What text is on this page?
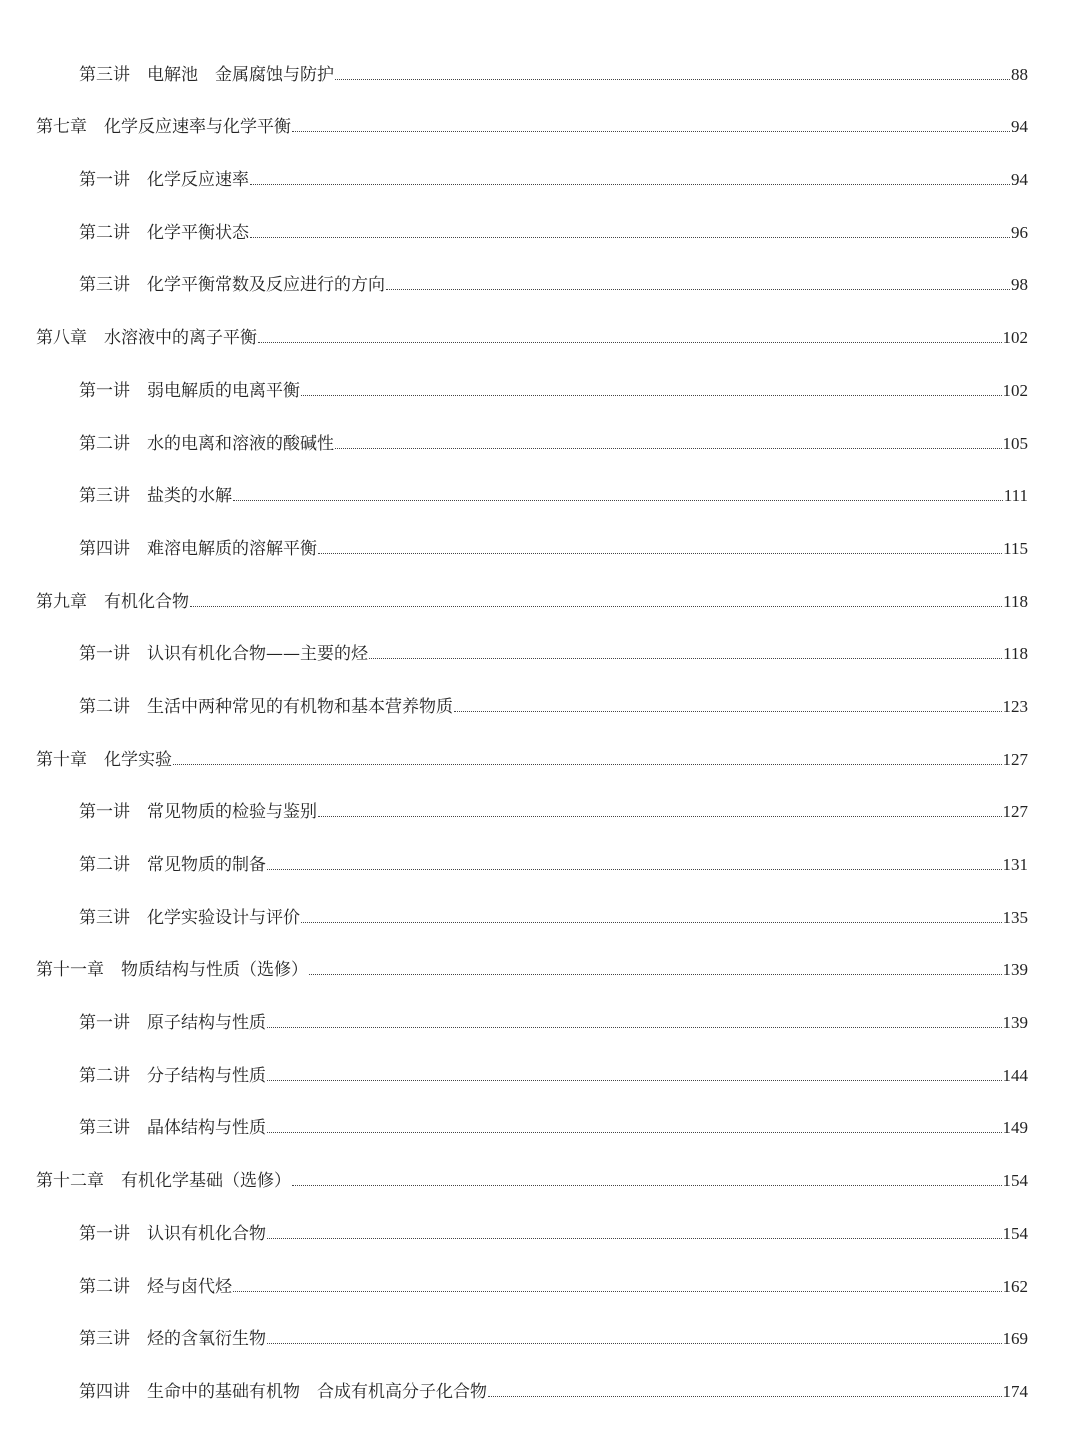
第三讲　电解池　金属腐蚀与防护	88
第七章　化学反应速率与化学平衡	94
第一讲　化学反应速率	94
第二讲　化学平衡状态	96
第三讲　化学平衡常数及反应进行的方向	98
第八章　水溶液中的离子平衡	102
第一讲　弱电解质的电离平衡	102
第二讲　水的电离和溶液的酸碱性	105
第三讲　盐类的水解	111
第四讲　难溶电解质的溶解平衡	115
第九章　有机化合物	118
第一讲　认识有机化合物——主要的烃	118
第二讲　生活中两种常见的有机物和基本营养物质	123
第十章　化学实验	127
第一讲　常见物质的检验与鉴别	127
第二讲　常见物质的制备	131
第三讲　化学实验设计与评价	135
第十一章　物质结构与性质（选修）	139
第一讲　原子结构与性质	139
第二讲　分子结构与性质	144
第三讲　晶体结构与性质	149
第十二章　有机化学基础（选修）	154
第一讲　认识有机化合物	154
第二讲　烃与卤代烃	162
第三讲　烃的含氧衍生物	169
第四讲　生命中的基础有机物　合成有机高分子化合物	174
